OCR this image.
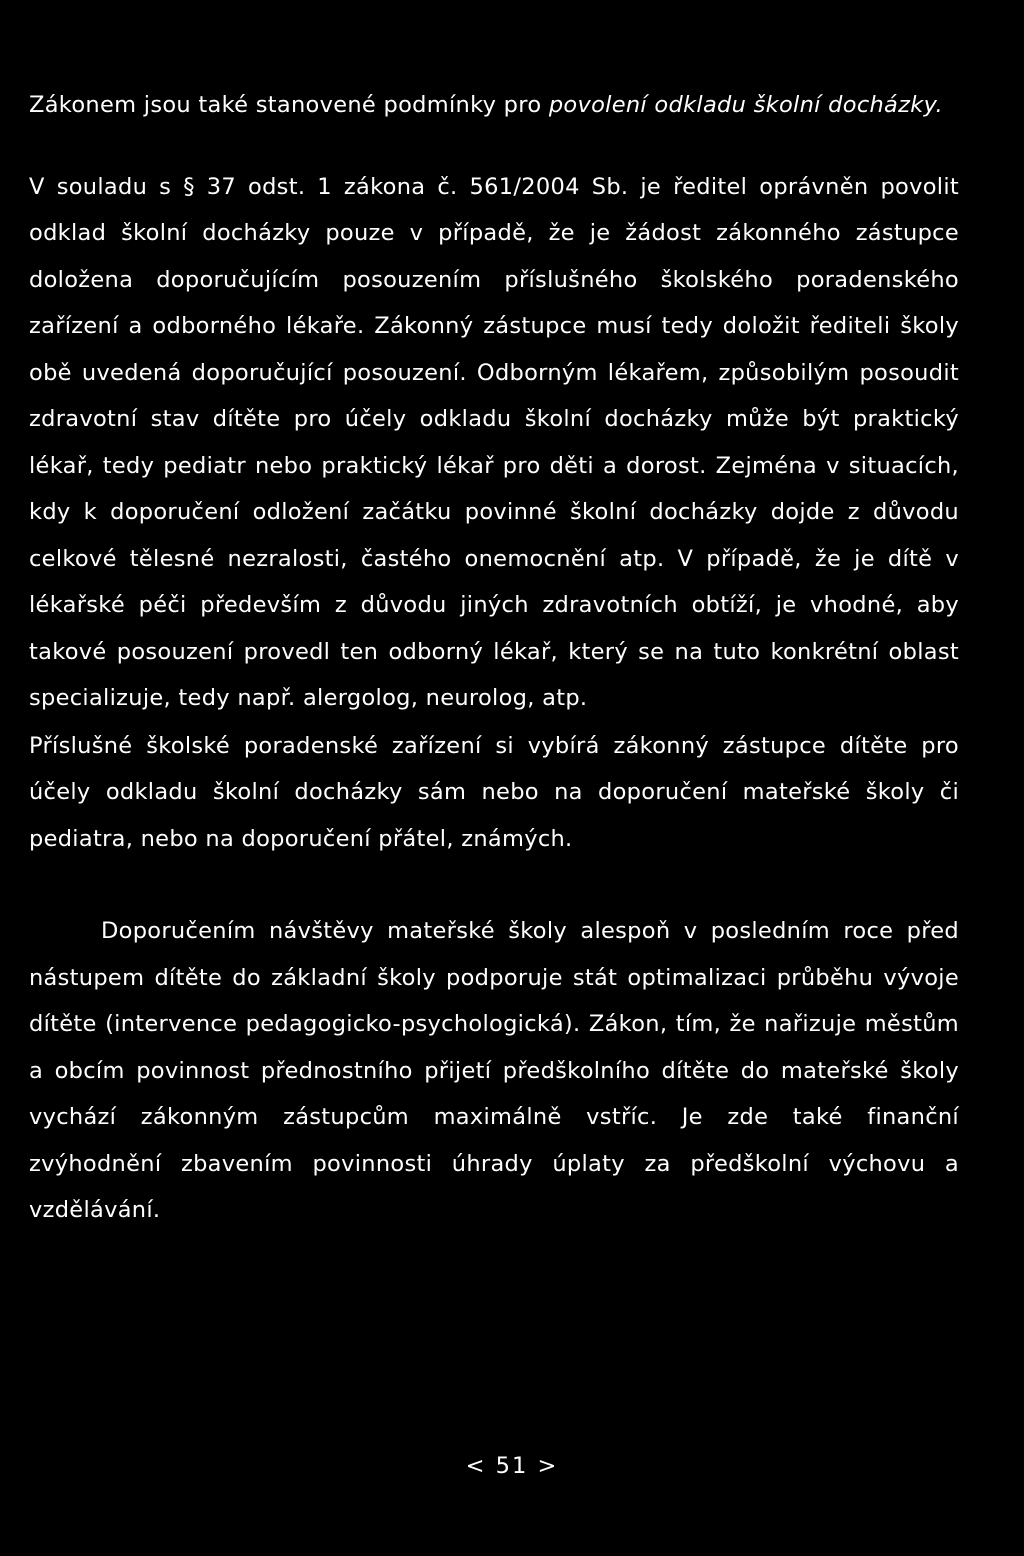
Zákonem jsou také stanovené podmínky pro povolení odkladu školní docházky.

V souladu s § 37 odst. 1 zákona č. 561/2004 Sb. je ředitel oprávněn povolit odklad školní docházky pouze v případě, že je žádost zákonného zástupce doložena doporučujícím posouzením příslušného školského poradenského zařízení a odborného lékaře. Zákonný zástupce musí tedy doložit řediteli školy obě uvedená doporučující posouzení. Odborným lékařem, způsobilým posoudit zdravotní stav dítěte pro účely odkladu školní docházky může být praktický lékař, tedy pediatr nebo praktický lékař pro děti a dorost. Zejména v situacích, kdy k doporučení odložení začátku povinné školní docházky dojde z důvodu celkové tělesné nezralosti, častého onemocnění atp. V případě, že je dítě v lékařské péči především z důvodu jiných zdravotních obtíží, je vhodné, aby takové posouzení provedl ten odborný lékař, který se na tuto konkrétní oblast specializuje, tedy např. alergolog, neurolog, atp.

Příslušné školské poradenské zařízení si vybírá zákonný zástupce dítěte pro účely odkladu školní docházky sám nebo na doporučení mateřské školy či pediatra, nebo na doporučení přátel, známých.

Doporučením návštěvy mateřské školy alespoň v posledním roce před nástupem dítěte do základní školy podporuje stát optimalizaci průběhu vývoje dítěte (intervence pedagogicko-psychologická). Zákon, tím, že nařizuje městům a obcím povinnost přednostního přijetí předškolního dítěte do mateřské školy vychází zákonným zástupcům maximálně vstříc. Je zde také finanční zvýhodnění zbavením povinnosti úhrady úplaty za předškolní výchovu a vzdělávání.

< 51 >
